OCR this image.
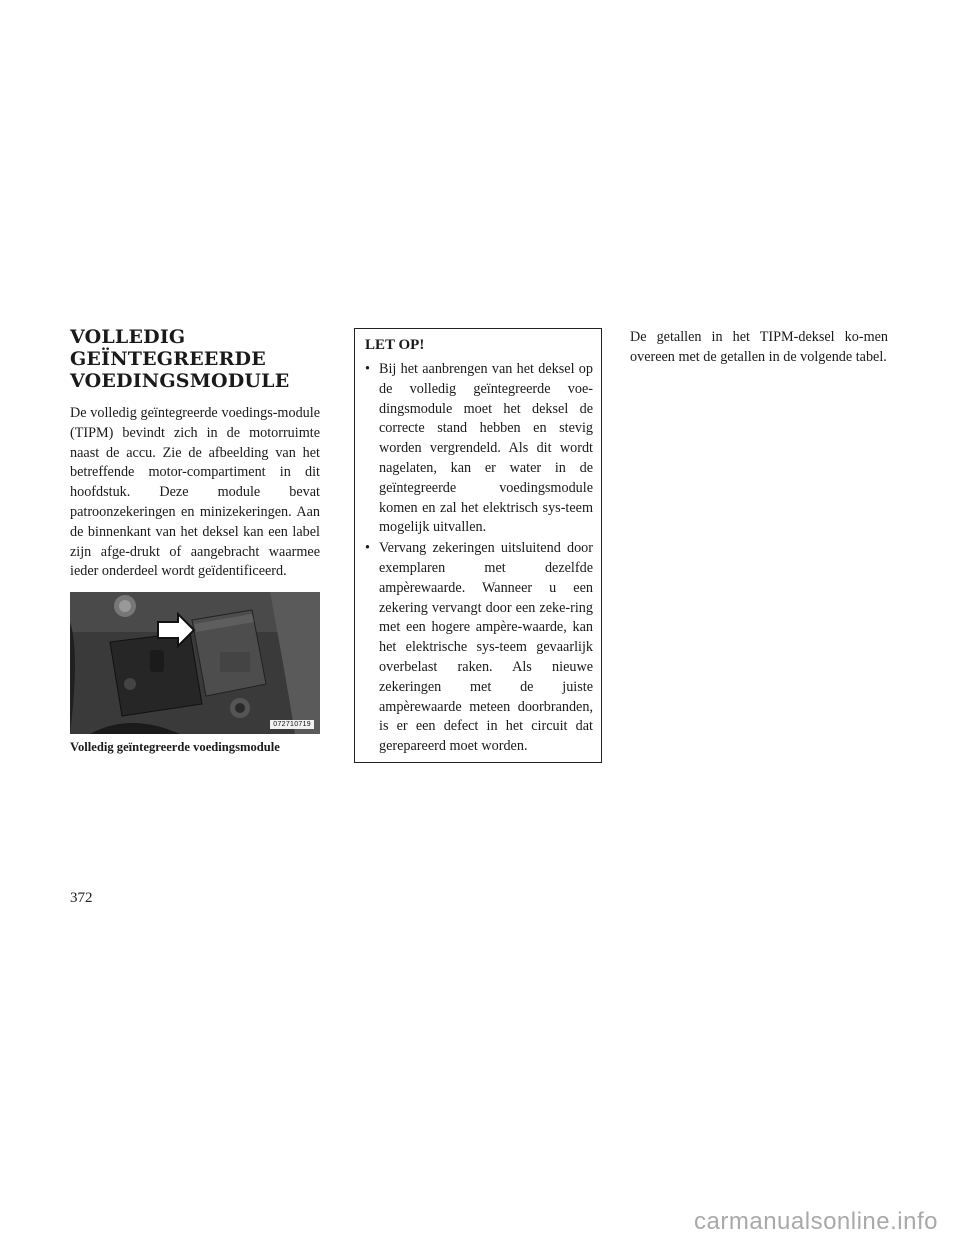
VOLLEDIG
GEÏNTEGREERDE
VOEDINGSMODULE

De volledig geïntegreerde voedings-module (TIPM) bevindt zich in de motorruimte naast de accu. Zie de afbeelding van het betreffende motor-compartiment in dit hoofdstuk. Deze module bevat patroonzekeringen en minizekeringen. Aan de binnenkant van het deksel kan een label zijn afge-drukt of aangebracht waarmee ieder onderdeel wordt geïdentificeerd.

072710719
Volledig geïntegreerde voedingsmodule

LET OP!

• Bij het aanbrengen van het deksel op de volledig geïntegreerde voe-dingsmodule moet het deksel de correcte stand hebben en stevig worden vergrendeld. Als dit wordt nagelaten, kan er water in de geïntegreerde voedingsmodule komen en zal het elektrisch sys-teem mogelijk uitvallen.
• Vervang zekeringen uitsluitend door exemplaren met dezelfde ampèrewaarde. Wanneer u een zekering vervangt door een zeke-ring met een hogere ampère-waarde, kan het elektrische sys-teem gevaarlijk overbelast raken. Als nieuwe zekeringen met de juiste ampèrewaarde meteen doorbranden, is er een defect in het circuit dat gerepareerd moet worden.
De getallen in het TIPM-deksel ko-men overeen met de getallen in de volgende tabel.
372
carmanualsonline.info
